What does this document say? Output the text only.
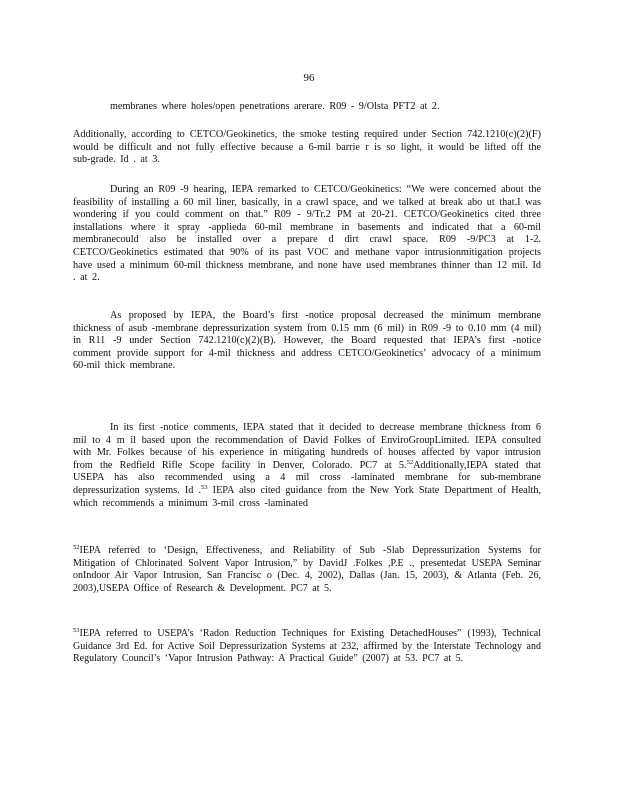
96

membranes where holes/open penetrations arerare. R09 - 9/Olsta PFT2 at 2.

Additionally, according to CETCO/Geokinetics, the smoke testing required under Section 742.1210(c)(2)(F) would be difficult and not fully effective because a 6-mil barrie r is so light, it would be lifted off the sub-grade. Id . at 3.

During an R09 -9 hearing, IEPA remarked to CETCO/Geokinetics: “We were concerned about the feasibility of installing a 60 mil liner, basically, in a crawl space, and we talked at break abo ut that.I was wondering if you could comment on that.” R09 - 9/Tr.2 PM at 20-21. CETCO/Geokinetics cited three installations where it spray -applieda 60-mil membrane in basements and indicated that a 60-mil membranecould also be installed over a prepare d dirt crawl space. R09 -9/PC3 at 1-2. CETCO/Geokinetics estimated that 90% of its past VOC and methane vapor intrusionmitigation projects have used a minimum 60-mil thickness membrane, and none have used membranes thinner than 12 mil. Id . at 2.

As proposed by IEPA, the Board’s first -notice proposal decreased the minimum membrane thickness of asub -membrane depressurization system from 0.15 mm (6 mil) in R09 -9 to 0.10 mm (4 mil) in R11 -9 under Section 742.1210(c)(2)(B). However, the Board requested that IEPA’s first -notice comment provide support for 4-mil thickness and address CETCO/Geokinetics’ advocacy of a minimum 60-mil thick membrane.

In its first -notice comments, IEPA stated that it decided to decrease membrane thickness from 6 mil to 4 m il based upon the recommendation of David Folkes of EnviroGroupLimited. IEPA consulted with Mr. Folkes because of his experience in mitigating hundreds of houses affected by vapor intrusion from the Redfield Rifle Scope facility in Denver, Colorado. PC7 at 5.52Additionally,IEPA stated that USEPA has also recommended using a 4 mil cross -laminated membrane for sub-membrane depressurization systems. Id .$^{53}$ IEPA also cited guidance from the New York State Department of Health, which recommends a minimum 3-mil cross -laminated

$^{52}$IEPA referred to ‘Design, Effectiveness, and Reliability of Sub -Slab Depressurization Systems for Mitigation of Chlorinated Solvent Vapor Intrusion,” by DavidJ .Folkes ,P.E ., presentedat USEPA Seminar onIndoor Air Vapor Intrusion, San Francisc o (Dec. 4, 2002), Dallas (Jan. 15, 2003), & Atlanta (Feb. 26, 2003),USEPA Office of Research & Development. PC7 at 5.

$^{53}$IEPA referred to USEPA’s ‘Radon Reduction Techniques for Existing DetachedHouses” (1993), Technical Guidance 3rd Ed. for Active Soil Depressurization Systems at 232, affirmed by the Interstate Technology and Regulatory Council’s ‘Vapor Intrusion Pathway: A Practical Guide” (2007) at 53. PC7 at 5.
